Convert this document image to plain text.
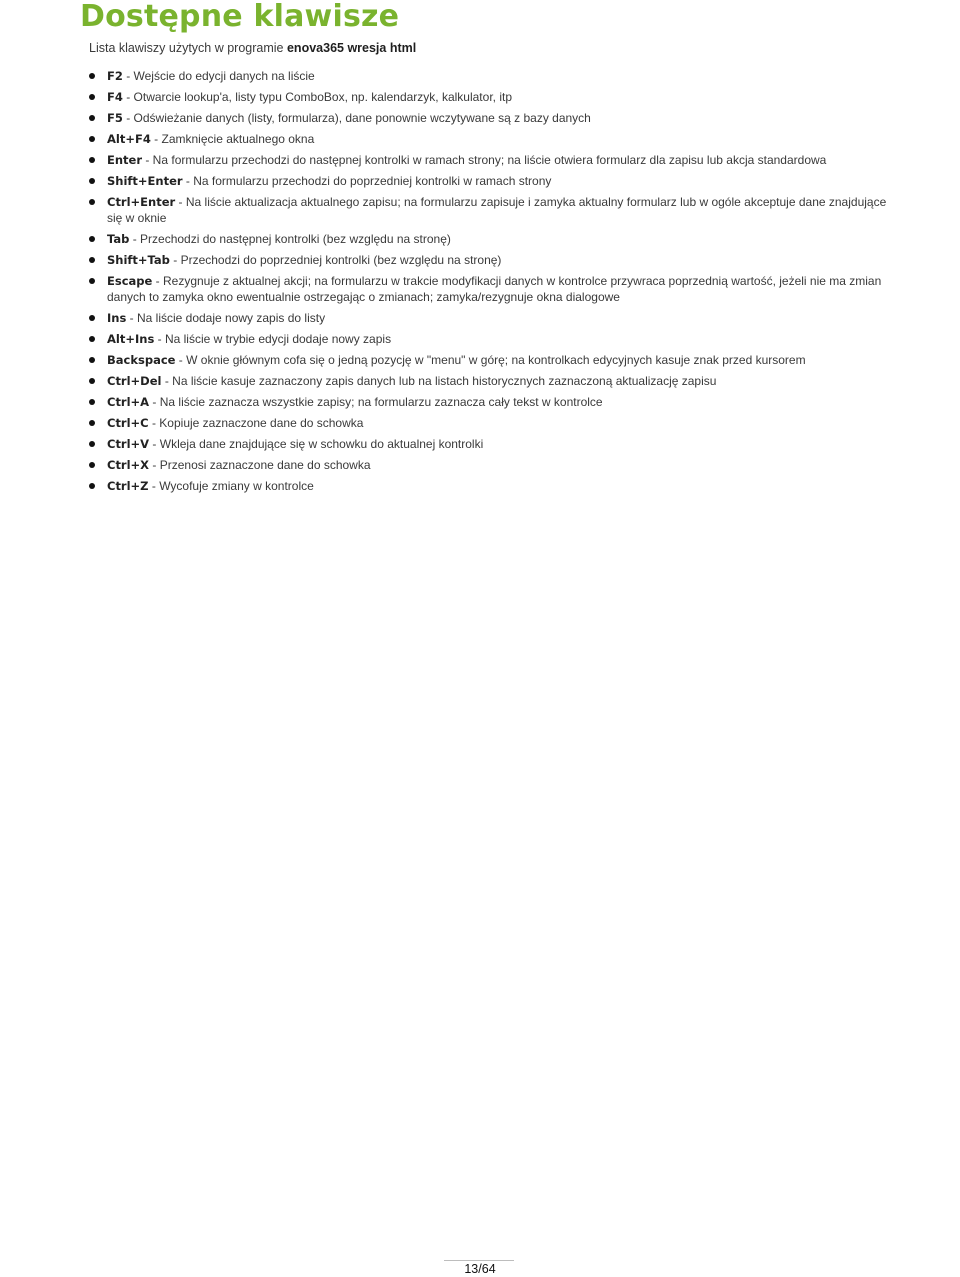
Dostępne klawisze

Lista klawiszy użytych w programie enova365 wresja html

F2 - Wejście do edycji danych na liście
F4 - Otwarcie lookup'a, listy typu ComboBox, np. kalendarzyk, kalkulator, itp
F5 - Odświeżanie danych (listy, formularza), dane ponownie wczytywane są z bazy danych
Alt+F4 - Zamknięcie aktualnego okna
Enter - Na formularzu przechodzi do następnej kontrolki w ramach strony; na liście otwiera formularz dla zapisu lub akcja standardowa
Shift+Enter - Na formularzu przechodzi do poprzedniej kontrolki w ramach strony
Ctrl+Enter - Na liście aktualizacja aktualnego zapisu; na formularzu zapisuje i zamyka aktualny formularz lub w ogóle akceptuje dane znajdujące się w oknie
Tab - Przechodzi do następnej kontrolki (bez względu na stronę)
Shift+Tab - Przechodzi do poprzedniej kontrolki (bez względu na stronę)
Escape - Rezygnuje z aktualnej akcji; na formularzu w trakcie modyfikacji danych w kontrolce przywraca poprzednią wartość, jeżeli nie ma zmian danych to zamyka okno ewentualnie ostrzegając o zmianach; zamyka/rezygnuje okna dialogowe
Ins - Na liście dodaje nowy zapis do listy
Alt+Ins - Na liście w trybie edycji dodaje nowy zapis
Backspace - W oknie głównym cofa się o jedną pozycję w "menu" w górę; na kontrolkach edycyjnych kasuje znak przed kursorem
Ctrl+Del - Na liście kasuje zaznaczony zapis danych lub na listach historycznych zaznaczoną aktualizację zapisu
Ctrl+A - Na liście zaznacza wszystkie zapisy; na formularzu zaznacza cały tekst w kontrolce
Ctrl+C - Kopiuje zaznaczone dane do schowka
Ctrl+V - Wkleja dane znajdujące się w schowku do aktualnej kontrolki
Ctrl+X - Przenosi zaznaczone dane do schowka
Ctrl+Z - Wycofuje zmiany w kontrolce
13/64
